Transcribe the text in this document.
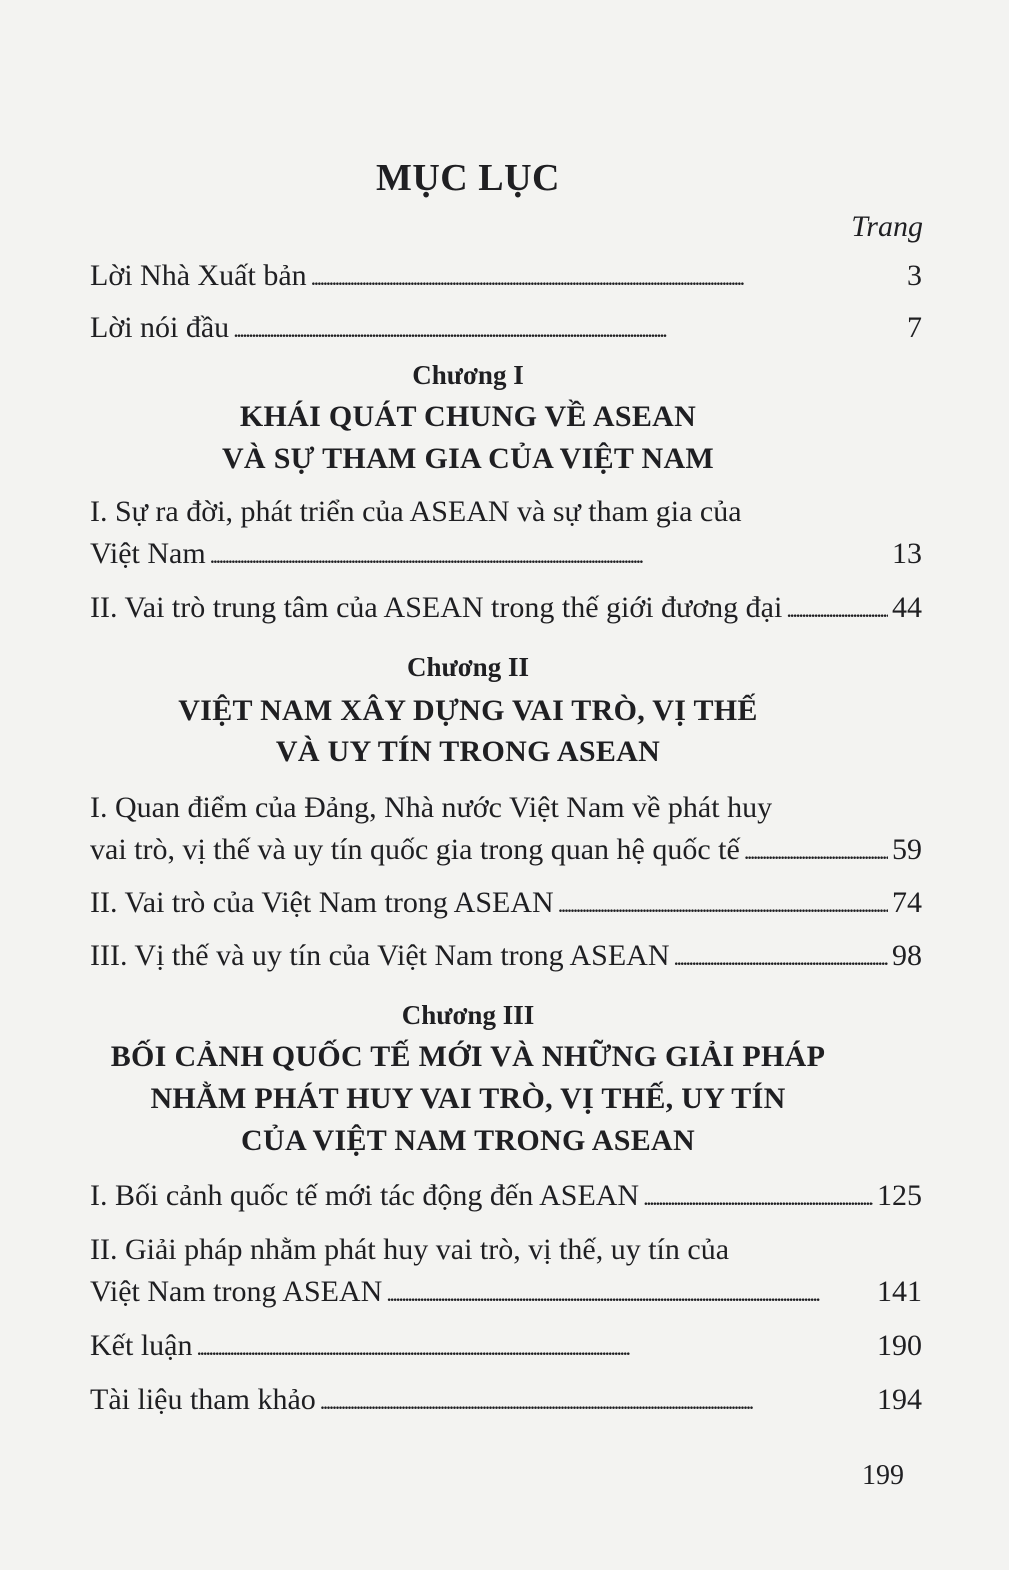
MỤC LỤC
Trang
Lời Nhà Xuất bản . . .	3
Lời nói đầu . . .	7
Chương I
KHÁI QUÁT CHUNG VỀ ASEAN
VÀ SỰ THAM GIA CỦA VIỆT NAM
I. Sự ra đời, phát triển của ASEAN và sự tham gia của
Việt Nam . . .	13
II. Vai trò trung tâm của ASEAN trong thế giới đương đại . . .	44
Chương II
VIỆT NAM XÂY DỰNG VAI TRÒ, VỊ THẾ
VÀ UY TÍN TRONG ASEAN
I. Quan điểm của Đảng, Nhà nước Việt Nam về phát huy
vai trò, vị thế và uy tín quốc gia trong quan hệ quốc tế . . .	59
II. Vai trò của Việt Nam trong ASEAN . . .	74
III. Vị thế và uy tín của Việt Nam trong ASEAN . . .	98
Chương III
BỐI CẢNH QUỐC TẾ MỚI VÀ NHỮNG GIẢI PHÁP
NHẰM PHÁT HUY VAI TRÒ, VỊ THẾ, UY TÍN
CỦA VIỆT NAM TRONG ASEAN
I. Bối cảnh quốc tế mới tác động đến ASEAN . . .	125
II. Giải pháp nhằm phát huy vai trò, vị thế, uy tín của
Việt Nam trong ASEAN . . .	141
Kết luận . . .	190
Tài liệu tham khảo . . .	194
199
